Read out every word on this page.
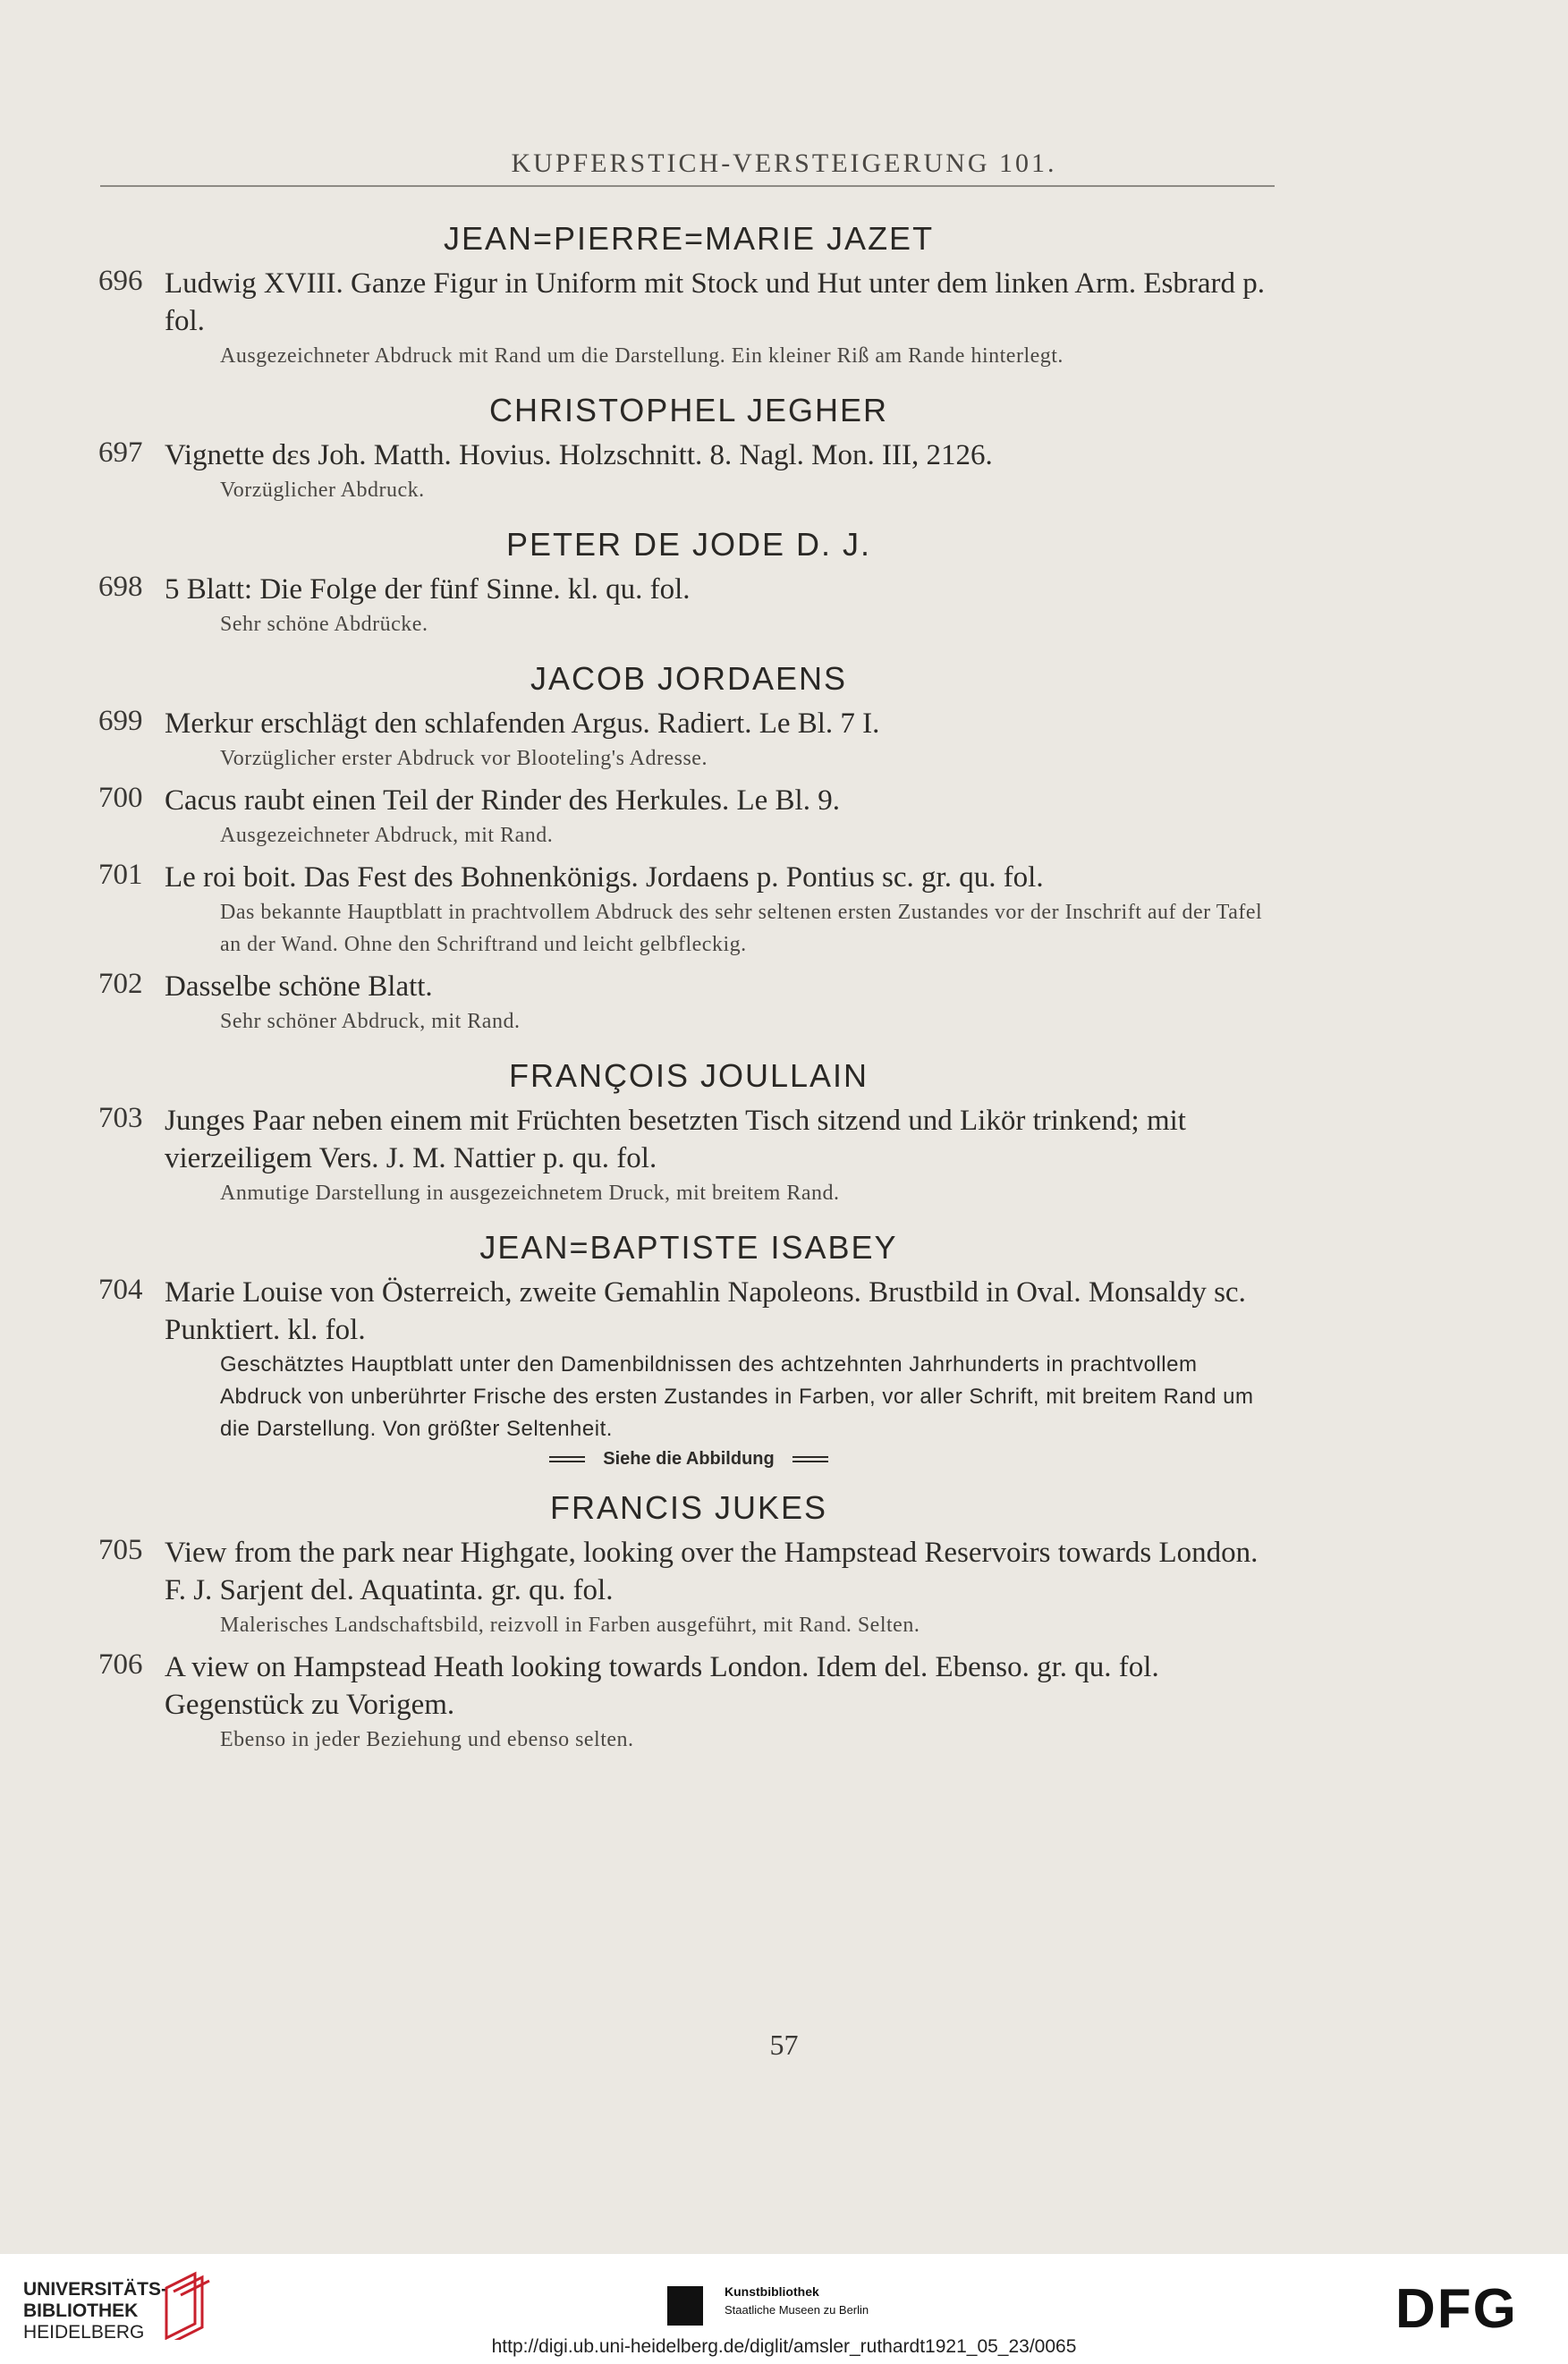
KUPFERSTICH-VERSTEIGERUNG 101.
JEAN=PIERRE=MARIE JAZET
696 Ludwig XVIII. Ganze Figur in Uniform mit Stock und Hut unter dem linken Arm. Esbrard p. fol.
Ausgezeichneter Abdruck mit Rand um die Darstellung. Ein kleiner Riß am Rande hinterlegt.
CHRISTOPHEL JEGHER
697 Vignette dεs Joh. Matth. Hovius. Holzschnitt. 8. Nagl. Mon. III, 2126.
Vorzüglicher Abdruck.
PETER DE JODE D. J.
698 5 Blatt: Die Folge der fünf Sinne. kl. qu. fol.
Sehr schöne Abdrücke.
JACOB JORDAENS
699 Merkur erschlägt den schlafenden Argus. Radiert. Le Bl. 7 I.
Vorzüglicher erster Abdruck vor Blooteling's Adresse.
700 Cacus raubt einen Teil der Rinder des Herkules. Le Bl. 9.
Ausgezeichneter Abdruck, mit Rand.
701 Le roi boit. Das Fest des Bohnenkönigs. Jordaens p. Pontius sc. gr. qu. fol.
Das bekannte Hauptblatt in prachtvollem Abdruck des sehr seltenen ersten Zustandes vor der Inschrift auf der Tafel an der Wand. Ohne den Schriftrand und leicht gelbfleckig.
702 Dasselbe schöne Blatt.
Sehr schöner Abdruck, mit Rand.
FRANÇOIS JOULLAIN
703 Junges Paar neben einem mit Früchten besetzten Tisch sitzend und Likör trinkend; mit vierzeiligem Vers. J. M. Nattier p. qu. fol.
Anmutige Darstellung in ausgezeichnetem Druck, mit breitem Rand.
JEAN=BAPTISTE ISABEY
704 Marie Louise von Österreich, zweite Gemahlin Napoleons. Brustbild in Oval. Monsaldy sc. Punktiert. kl. fol.
Geschätztes Hauptblatt unter den Damenbildnissen des achtzehnten Jahrhunderts in prachtvollem Abdruck von unberührter Frische des ersten Zustandes in Farben, vor aller Schrift, mit breitem Rand um die Darstellung. Von größter Seltenheit.
Siehe die Abbildung
FRANCIS JUKES
705 View from the park near Highgate, looking over the Hampstead Reservoirs towards London. F. J. Sarjent del. Aquatinta. gr. qu. fol.
Malerisches Landschaftsbild, reizvoll in Farben ausgeführt, mit Rand. Selten.
706 A view on Hampstead Heath looking towards London. Idem del. Ebenso. gr. qu. fol. Gegenstück zu Vorigem.
Ebenso in jeder Beziehung und ebenso selten.
57
UNIVERSITÄTS-
BIBLIOTHEK
HEIDELBERG
Kunstbibliothek
Staatliche Museen zu Berlin	DFG
http://digi.ub.uni-heidelberg.de/diglit/amsler_ruthardt1921_05_23/0065
